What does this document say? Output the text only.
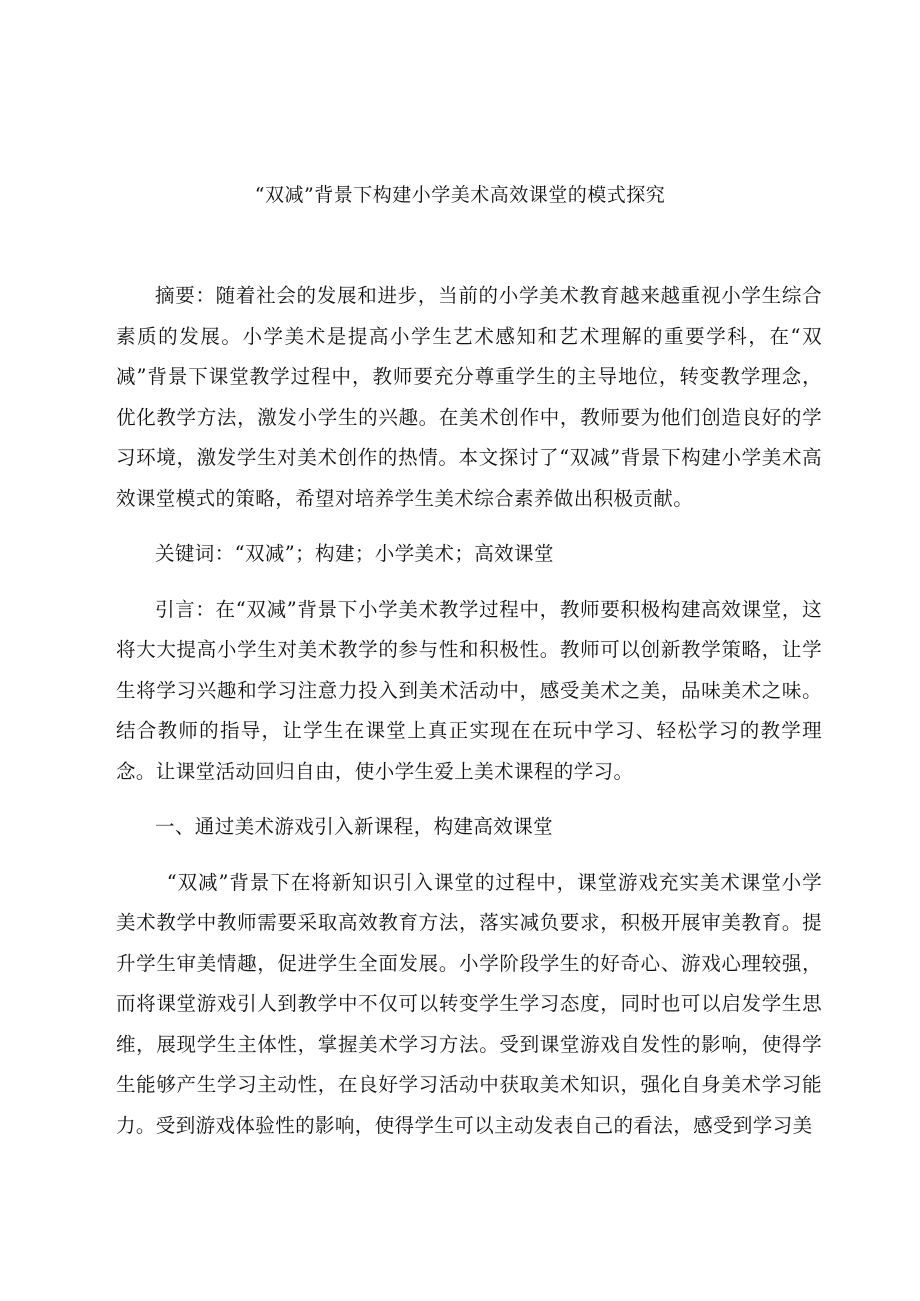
“双减”背景下构建小学美术高效课堂的模式探究

摘要：随着社会的发展和进步，当前的小学美术教育越来越重视小学生综合素质的发展。小学美术是提高小学生艺术感知和艺术理解的重要学科，在“双减”背景下课堂教学过程中，教师要充分尊重学生的主导地位，转变教学理念，优化教学方法，激发小学生的兴趣。在美术创作中，教师要为他们创造良好的学习环境，激发学生对美术创作的热情。本文探讨了“双减”背景下构建小学美术高效课堂模式的策略，希望对培养学生美术综合素养做出积极贡献。

关键词：“双减”；构建；小学美术；高效课堂

引言：在“双减”背景下小学美术教学过程中，教师要积极构建高效课堂，这将大大提高小学生对美术教学的参与性和积极性。教师可以创新教学策略，让学生将学习兴趣和学习注意力投入到美术活动中，感受美术之美，品味美术之味。结合教师的指导，让学生在课堂上真正实现在在玩中学习、轻松学习的教学理念。让课堂活动回归自由，使小学生爱上美术课程的学习。

一、通过美术游戏引入新课程，构建高效课堂

“双减”背景下在将新知识引入课堂的过程中，课堂游戏充实美术课堂小学美术教学中教师需要采取高效教育方法，落实减负要求，积极开展审美教育。提升学生审美情趣，促进学生全面发展。小学阶段学生的好奇心、游戏心理较强，而将课堂游戏引人到教学中不仅可以转变学生学习态度，同时也可以启发学生思维，展现学生主体性，掌握美术学习方法。受到课堂游戏自发性的影响，使得学生能够产生学习主动性，在良好学习活动中获取美术知识，强化自身美术学习能力。受到游戏体验性的影响，使得学生可以主动发表自己的看法，感受到学习美
